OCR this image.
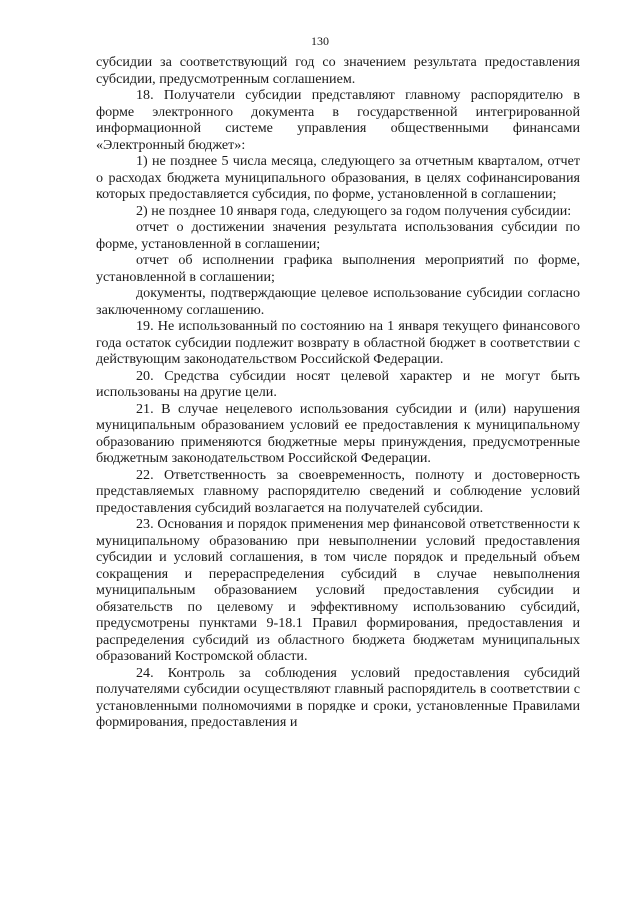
130

субсидии за соответствующий год со значением результата предоставления субсидии, предусмотренным соглашением.

18. Получатели субсидии представляют главному распорядителю в форме электронного документа в государственной интегрированной информационной системе управления общественными финансами «Электронный бюджет»:

1) не позднее 5 числа месяца, следующего за отчетным кварталом, отчет о расходах бюджета муниципального образования, в целях софинансирования которых предоставляется субсидия, по форме, установленной в соглашении;

2) не позднее 10 января года, следующего за годом получения субсидии:

отчет о достижении значения результата использования субсидии по форме, установленной в соглашении;

отчет об исполнении графика выполнения мероприятий по форме, установленной в соглашении;

документы, подтверждающие целевое использование субсидии согласно заключенному соглашению.

19. Не использованный по состоянию на 1 января текущего финансового года остаток субсидии подлежит возврату в областной бюджет в соответствии с действующим законодательством Российской Федерации.

20. Средства субсидии носят целевой характер и не могут быть использованы на другие цели.

21. В случае нецелевого использования субсидии и (или) нарушения муниципальным образованием условий ее предоставления к муниципальному образованию применяются бюджетные меры принуждения, предусмотренные бюджетным законодательством Российской Федерации.

22. Ответственность за своевременность, полноту и достоверность представляемых главному распорядителю сведений и соблюдение условий предоставления субсидий возлагается на получателей субсидии.

23. Основания и порядок применения мер финансовой ответственности к муниципальному образованию при невыполнении условий предоставления субсидии и условий соглашения, в том числе порядок и предельный объем сокращения и перераспределения субсидий в случае невыполнения муниципальным образованием условий предоставления субсидии и обязательств по целевому и эффективному использованию субсидий, предусмотрены пунктами 9-18.1 Правил формирования, предоставления и распределения субсидий из областного бюджета бюджетам муниципальных образований Костромской области.

24. Контроль за соблюдения условий предоставления субсидий получателями субсидии осуществляют главный распорядитель в соответствии с установленными полномочиями в порядке и сроки, установленные Правилами формирования, предоставления и
